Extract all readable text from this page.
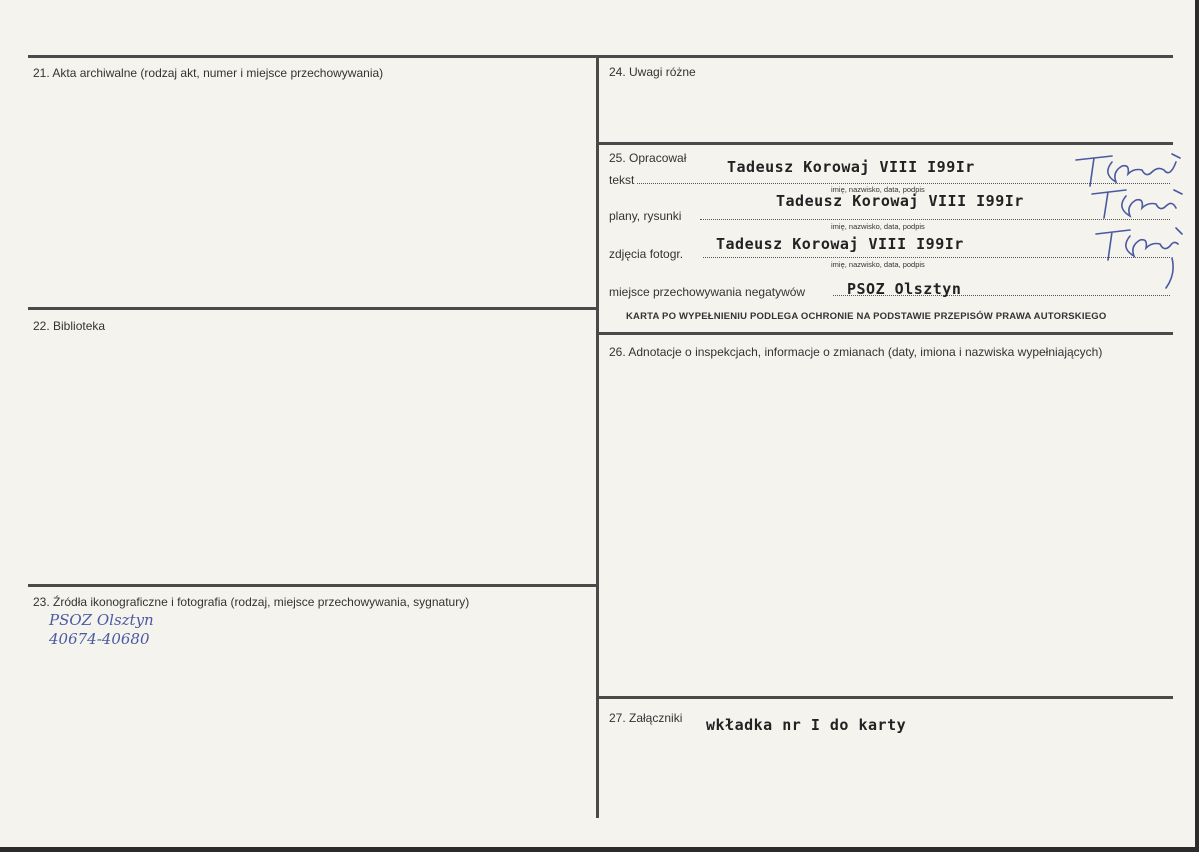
21. Akta archiwalne (rodzaj akt, numer i miejsce przechowywania)
22. Biblioteka
23. Źródła ikonograficzne i fotografia (rodzaj, miejsce przechowywania, sygnatury)
PSOZ Olsztyn
40674-40680
24. Uwagi różne
25. Opracował
tekst
Tadeusz Korowaj VIII I99Ir
imię, nazwisko, data, podpis
plany, rysunki
Tadeusz Korowaj VIII I99Ir
imię, nazwisko, data, podpis
zdjęcia fotogr.
Tadeusz Korowaj VIII I99Ir
imię, nazwisko, data, podpis
miejsce przechowywania negatywów	PSOZ Olsztyn
KARTA PO WYPEŁNIENIU PODLEGA OCHRONIE NA PODSTAWIE PRZEPISÓW PRAWA AUTORSKIEGO
26. Adnotacje o inspekcjach, informacje o zmianach (daty, imiona i nazwiska wypełniających)
27. Załączniki wkładka nr I do karty
